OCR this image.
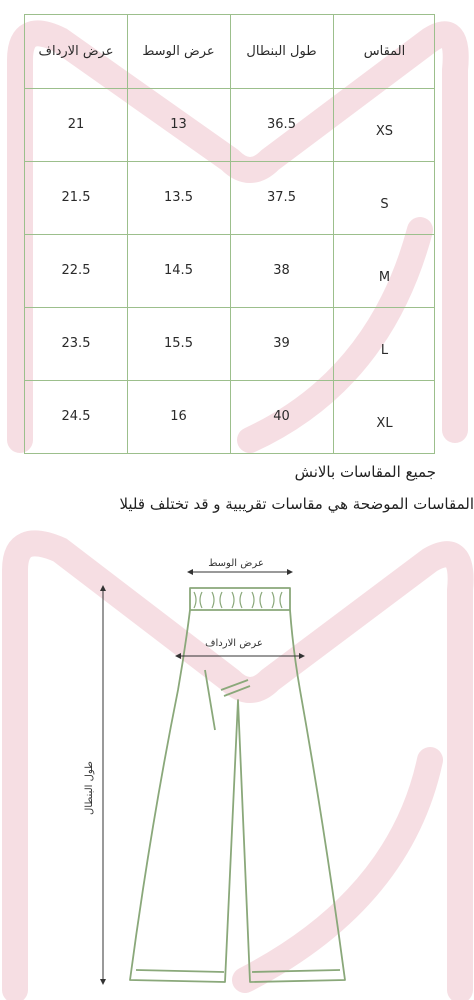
عرض الارداف	عرض الوسط	طول البنطال	المقاس
21	13	36.5	XS
21.5	13.5	37.5	S
22.5	14.5	38	M
23.5	15.5	39	L
24.5	16	40	XL
جميع المقاسات بالانش
المقاسات الموضحة هي مقاسات تقريبية و قد تختلف قليلا
عرض الوسط
عرض الارداف
طول البنطال
